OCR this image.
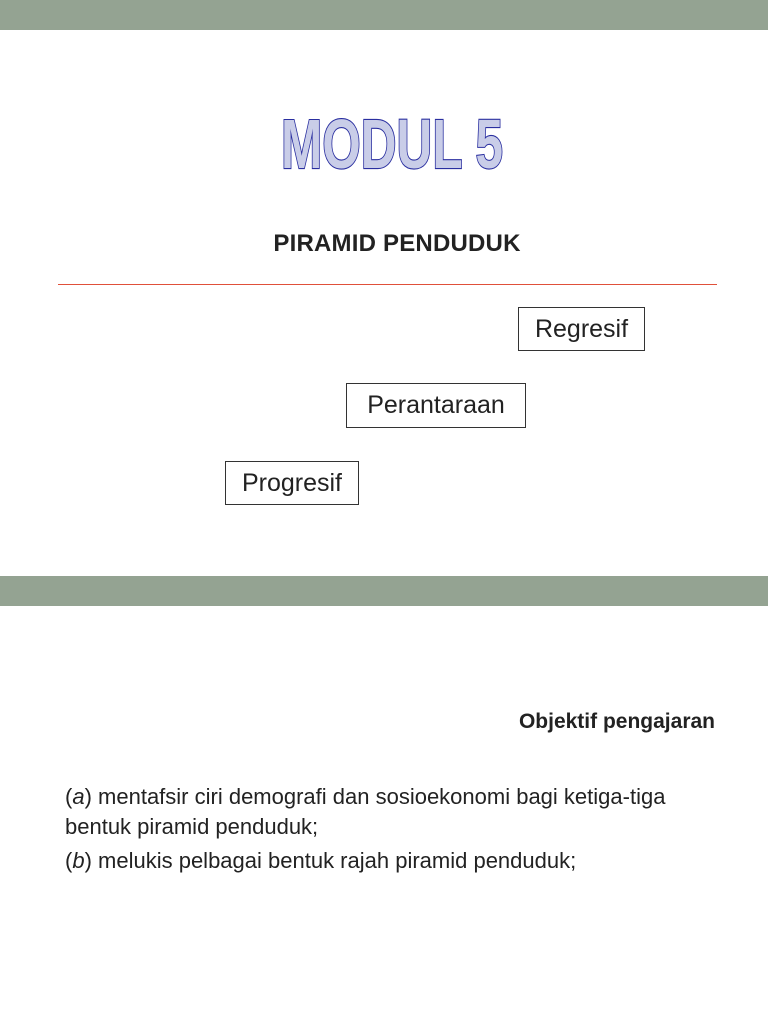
MODUL 5
PIRAMID PENDUDUK
Regresif
Perantaraan
Progresif
Objektif pengajaran
(a) mentafsir ciri demografi dan sosioekonomi bagi ketiga-tiga bentuk piramid penduduk;
(b) melukis pelbagai bentuk rajah piramid penduduk;
